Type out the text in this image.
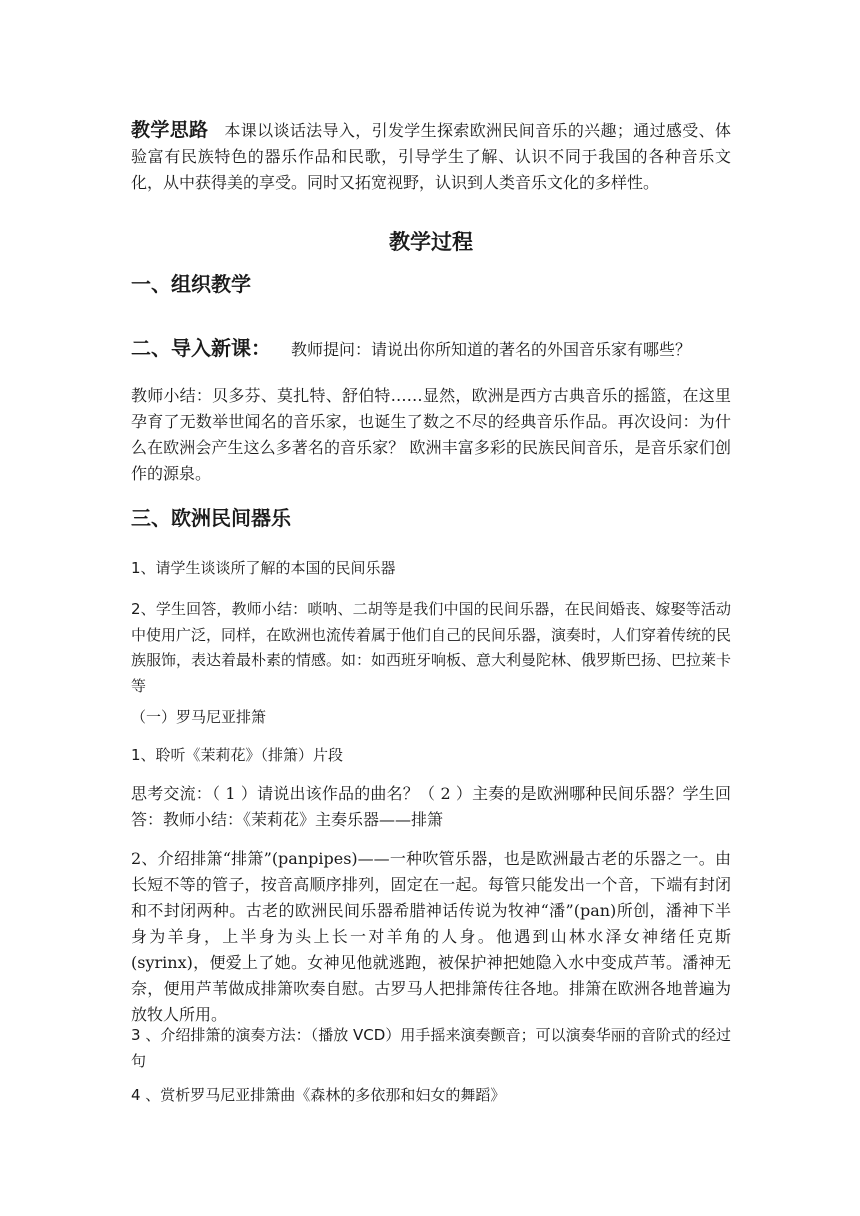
教学思路 本课以谈话法导入，引发学生探索欧洲民间音乐的兴趣；通过感受、体验富有民族特色的器乐作品和民歌，引导学生了解、认识不同于我国的各种音乐文化，从中获得美的享受。同时又拓宽视野，认识到人类音乐文化的多样性。

教学过程
一、组织教学
二、导入新课： 教师提问：请说出你所知道的著名的外国音乐家有哪些？

教师小结：贝多芬、莫扎特、舒伯特……显然，欧洲是西方古典音乐的摇篮，在这里孕育了无数举世闻名的音乐家，也诞生了数之不尽的经典音乐作品。再次设问：为什么在欧洲会产生这么多著名的音乐家？ 欧洲丰富多彩的民族民间音乐，是音乐家们创作的源泉。

三、欧洲民间器乐

1、请学生谈谈所了解的本国的民间乐器

2、学生回答，教师小结：唢呐、二胡等是我们中国的民间乐器，在民间婚丧、嫁娶等活动中使用广泛，同样，在欧洲也流传着属于他们自己的民间乐器，演奏时，人们穿着传统的民族服饰，表达着最朴素的情感。如：如西班牙响板、意大利曼陀林、俄罗斯巴扬、巴拉莱卡等

（一）罗马尼亚排箫

1、聆听《茉莉花》（排箫）片段

思考交流：（ 1 ）请说出该作品的曲名？（ 2 ）主奏的是欧洲哪种民间乐器？学生回答：教师小结：《茉莉花》主奏乐器——排箫

2、介绍排箫“排箫”(panpipes)——一种吹管乐器，也是欧洲最古老的乐器之一。由长短不等的管子，按音高顺序排列，固定在一起。每管只能发出一个音，下端有封闭和不封闭两种。古老的欧洲民间乐器希腊神话传说为牧神“潘”(pan)所创，潘神下半身为羊身，上半身为头上长一对羊角的人身。他遇到山林水泽女神绪任克斯(syrinx)，便爱上了她。女神见他就逃跑，被保护神把她隐入水中变成芦苇。潘神无奈，便用芦苇做成排箫吹奏自慰。古罗马人把排箫传往各地。排箫在欧洲各地普遍为放牧人所用。

3 、介绍排箫的演奏方法：（播放 VCD）用手摇来演奏颤音；可以演奏华丽的音阶式的经过句

4 、赏析罗马尼亚排箫曲《森林的多依那和妇女的舞蹈》
